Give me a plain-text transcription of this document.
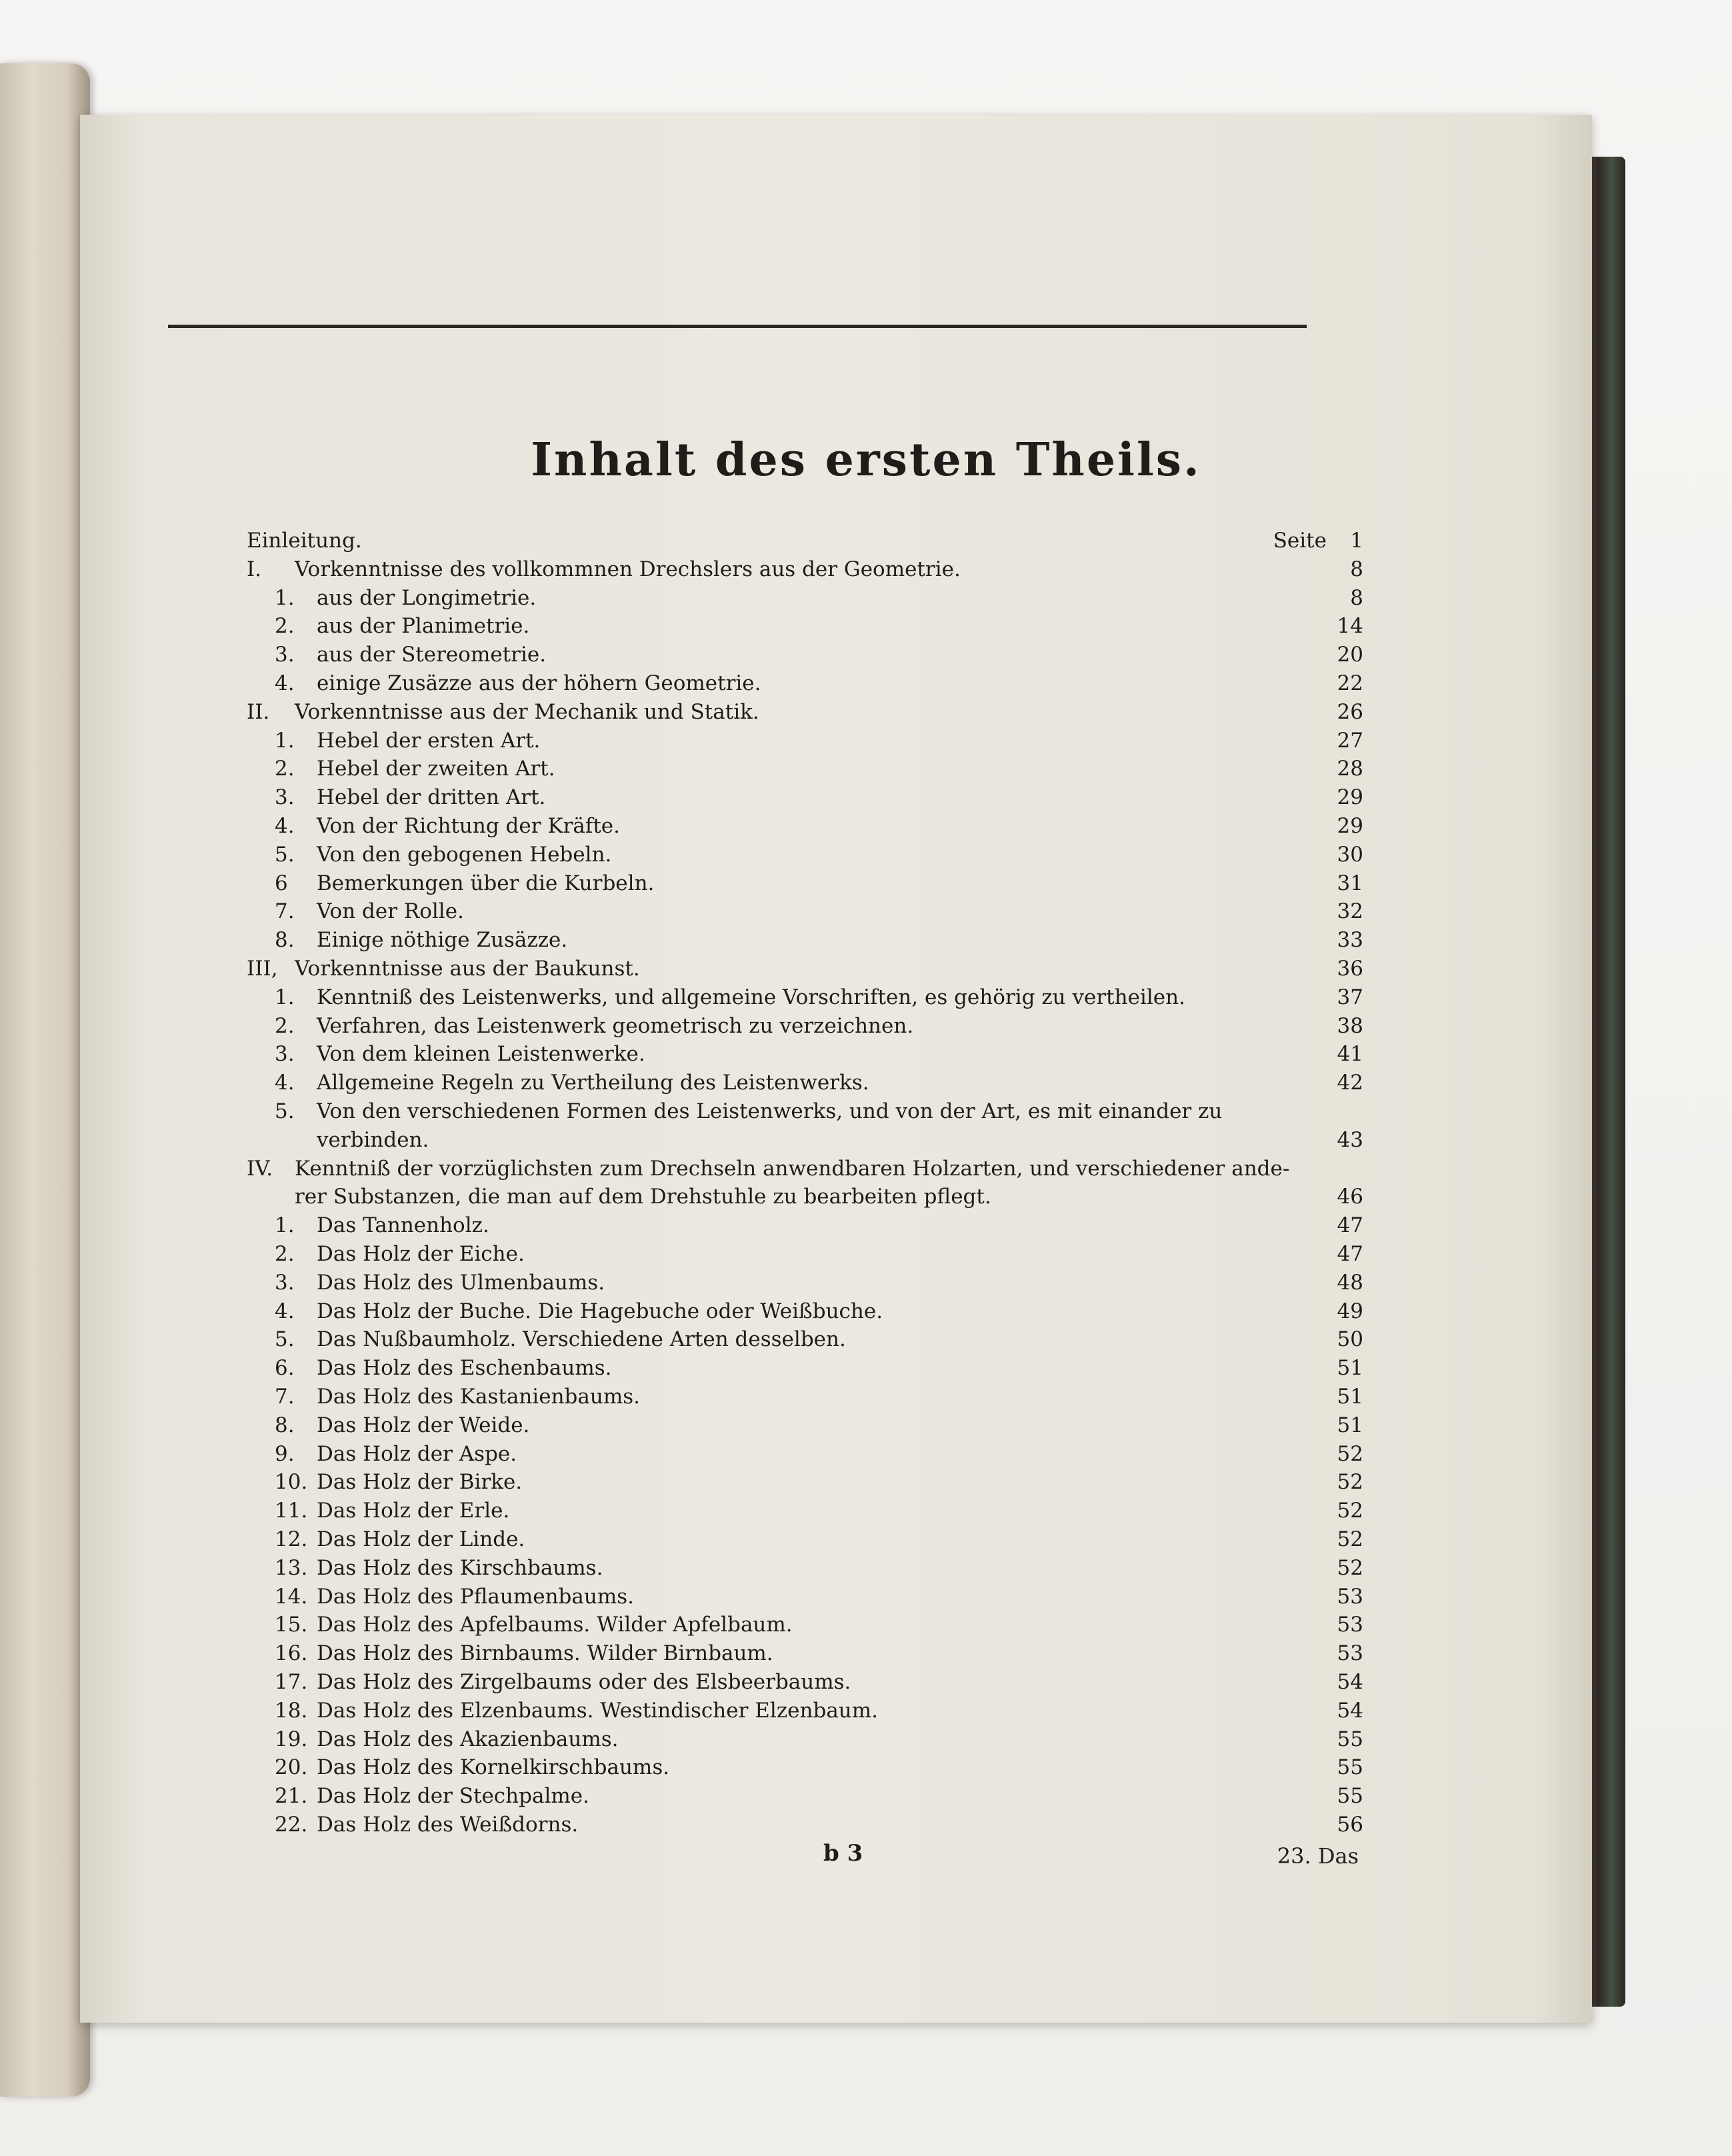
Inhalt des ersten Theils.
Einleitung.	Seite 1
I. Vorkenntnisse des vollkommnen Drechslers aus der Geometrie.	8
1. aus der Longimetrie.	8
2. aus der Planimetrie.	14
3. aus der Stereometrie.	20
4. einige Zusäzze aus der höhern Geometrie.	22
II. Vorkenntnisse aus der Mechanik und Statik.	26
1. Hebel der ersten Art.	27
2. Hebel der zweiten Art.	28
3. Hebel der dritten Art.	29
4. Von der Richtung der Kräfte.	29
5. Von den gebogenen Hebeln.	30
6 Bemerkungen über die Kurbeln.	31
7. Von der Rolle.	32
8. Einige nöthige Zusäzze.	33
III, Vorkenntnisse aus der Baukunst.	36
1. Kenntniß des Leistenwerks, und allgemeine Vorschriften, es gehörig zu vertheilen.	37
2. Verfahren, das Leistenwerk geometrisch zu verzeichnen.	38
3. Von dem kleinen Leistenwerke.	41
4. Allgemeine Regeln zu Vertheilung des Leistenwerks.	42
5. Von den verschiedenen Formen des Leistenwerks, und von der Art, es mit einander zu
verbinden.	43
IV. Kenntniß der vorzüglichsten zum Drechseln anwendbaren Holzarten, und verschiedener ande-
rer Substanzen, die man auf dem Drehstuhle zu bearbeiten pflegt.	46
1. Das Tannenholz.	47
2. Das Holz der Eiche.	47
3. Das Holz des Ulmenbaums.	48
4. Das Holz der Buche. Die Hagebuche oder Weißbuche.	49
5. Das Nußbaumholz. Verschiedene Arten desselben.	50
6. Das Holz des Eschenbaums.	51
7. Das Holz des Kastanienbaums.	51
8. Das Holz der Weide.	51
9. Das Holz der Aspe.	52
10. Das Holz der Birke.	52
11. Das Holz der Erle.	52
12. Das Holz der Linde.	52
13. Das Holz des Kirschbaums.	52
14. Das Holz des Pflaumenbaums.	53
15. Das Holz des Apfelbaums. Wilder Apfelbaum.	53
16. Das Holz des Birnbaums. Wilder Birnbaum.	53
17. Das Holz des Zirgelbaums oder des Elsbeerbaums.	54
18. Das Holz des Elzenbaums. Westindischer Elzenbaum.	54
19. Das Holz des Akazienbaums.	55
20. Das Holz des Kornelkirschbaums.	55
21. Das Holz der Stechpalme.	55
22. Das Holz des Weißdorns.	56
b 3	23. Das
